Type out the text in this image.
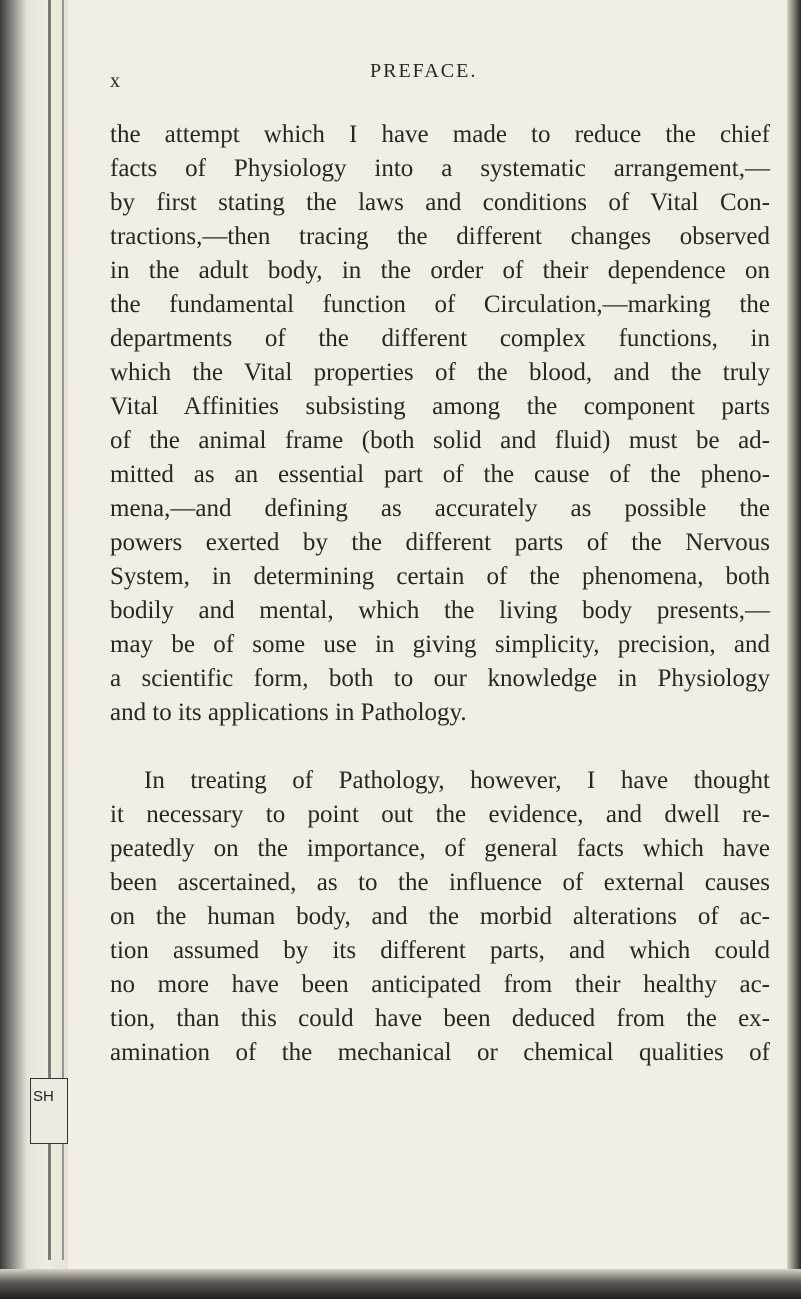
SH
x	PREFACE.
the attempt which I have made to reduce the chief
facts of Physiology into a systematic arrangement,—
by first stating the laws and conditions of Vital Con-
tractions,—then tracing the different changes observed
in the adult body, in the order of their dependence on
the fundamental function of Circulation,—marking the
departments of the different complex functions, in
which the Vital properties of the blood, and the truly
Vital Affinities subsisting among the component parts
of the animal frame (both solid and fluid) must be ad-
mitted as an essential part of the cause of the pheno-
mena,—and defining as accurately as possible the
powers exerted by the different parts of the Nervous
System, in determining certain of the phenomena, both
bodily and mental, which the living body presents,—
may be of some use in giving simplicity, precision, and
a scientific form, both to our knowledge in Physiology
and to its applications in Pathology.
In treating of Pathology, however, I have thought
it necessary to point out the evidence, and dwell re-
peatedly on the importance, of general facts which have
been ascertained, as to the influence of external causes
on the human body, and the morbid alterations of ac-
tion assumed by its different parts, and which could
no more have been anticipated from their healthy ac-
tion, than this could have been deduced from the ex-
amination of the mechanical or chemical qualities of
